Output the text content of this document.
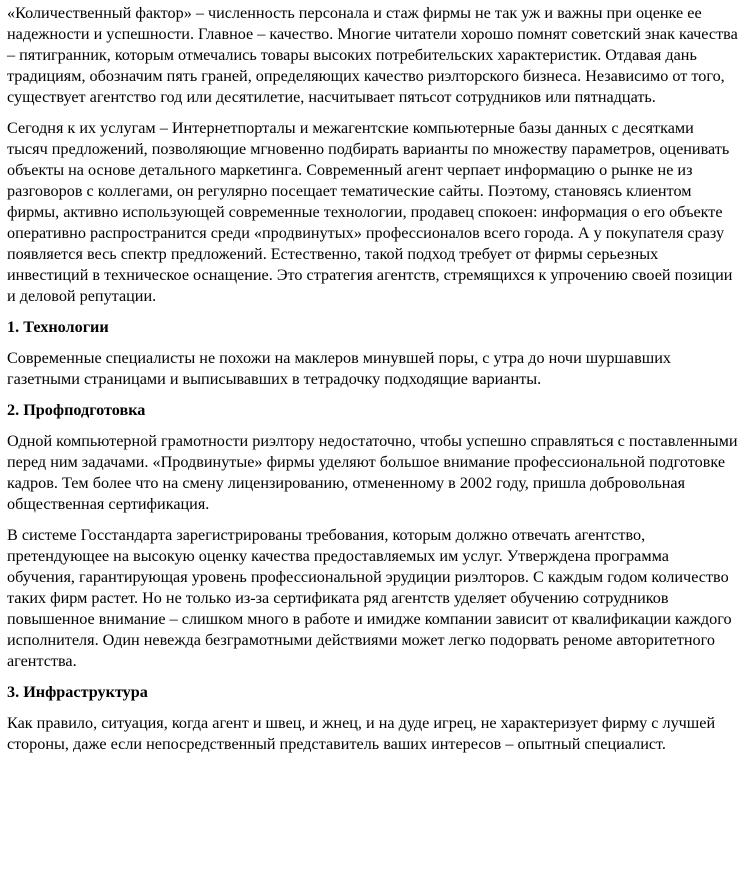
«Количественный фактор» – численность персонала и стаж фирмы не так уж и важны при оценке ее надежности и успешности. Главное – качество. Многие читатели хорошо помнят советский знак качества – пятигранник, которым отмечались товары высоких потребительских характеристик. Отдавая дань традициям, обозначим пять граней, определяющих качество риэлторского бизнеса. Независимо от того, существует агентство год или десятилетие, насчитывает пятьсот сотрудников или пятнадцать.

Сегодня к их услугам – Интернетпорталы и межагентские компьютерные базы данных с десятками тысяч предложений, позволяющие мгновенно подбирать варианты по множеству параметров, оценивать объекты на основе детального маркетинга. Современный агент черпает информацию о рынке не из разговоров с коллегами, он регулярно посещает тематические сайты. Поэтому, становясь клиентом фирмы, активно использующей современные технологии, продавец спокоен: информация о его объекте оперативно распространится среди «продвинутых» профессионалов всего города. А у покупателя сразу появляется весь спектр предложений. Естественно, такой подход требует от фирмы серьезных инвестиций в техническое оснащение. Это стратегия агентств, стремящихся к упрочению своей позиции и деловой репутации.

1. Технологии

Современные специалисты не похожи на маклеров минувшей поры, с утра до ночи шуршавших газетными страницами и выписывавших в тетрадочку подходящие варианты.

2. Профподготовка

Одной компьютерной грамотности риэлтору недостаточно, чтобы успешно справляться с поставленными перед ним задачами. «Продвинутые» фирмы уделяют большое внимание профессиональной подготовке кадров. Тем более что на смену лицензированию, отмененному в 2002 году, пришла добровольная общественная сертификация.

В системе Госстандарта зарегистрированы требования, которым должно отвечать агентство, претендующее на высокую оценку качества предоставляемых им услуг. Утверждена программа обучения, гарантирующая уровень профессиональной эрудиции риэлторов. С каждым годом количество таких фирм растет. Но не только из-за сертификата ряд агентств уделяет обучению сотрудников повышенное внимание – слишком много в работе и имидже компании зависит от квалификации каждого исполнителя. Один невежда безграмотными действиями может легко подорвать реноме авторитетного агентства.

3. Инфраструктура

Как правило, ситуация, когда агент и швец, и жнец, и на дуде игрец, не характеризует фирму с лучшей стороны, даже если непосредственный представитель ваших интересов – опытный специалист.
